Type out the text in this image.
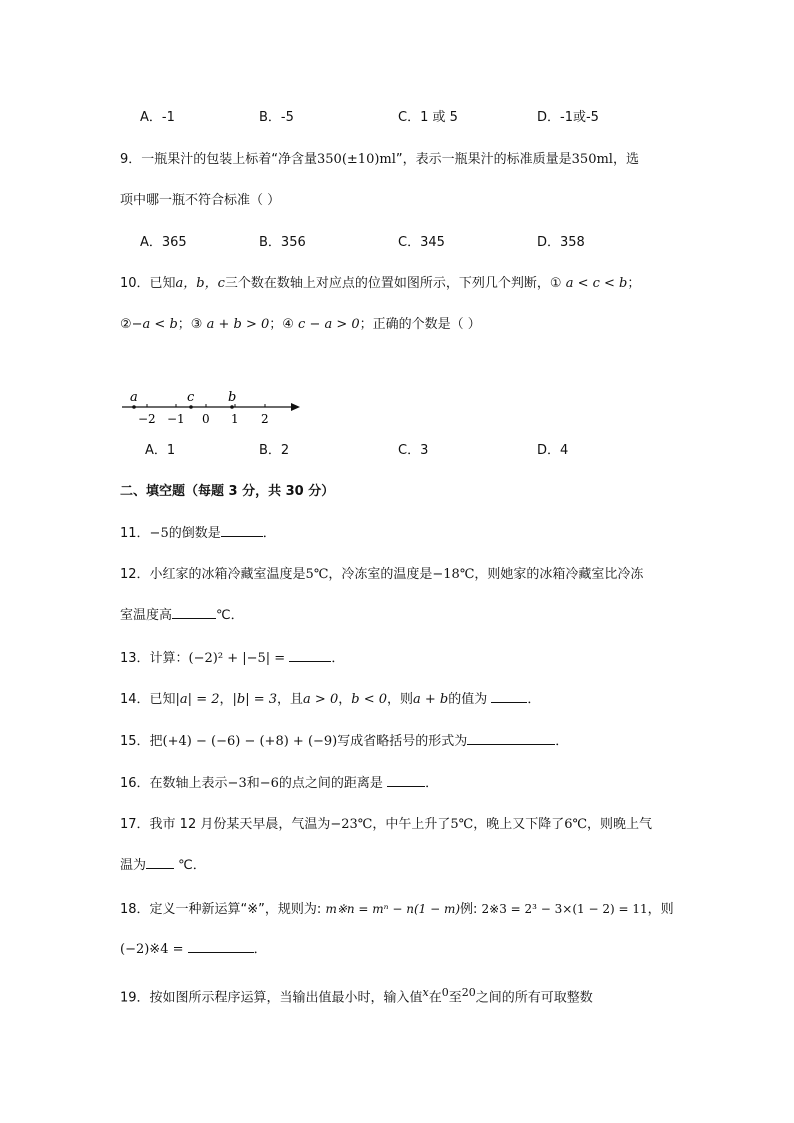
A．-1	B．-5	C．1 或 5	D．-1或-5
9．一瓶果汁的包装上标着“净含量350(±10)ml”，表示一瓶果汁的标准质量是350ml，选
项中哪一瓶不符合标准（ ）
A．365	B．356	C．345	D．358
10．已知a，b，c三个数在数轴上对应点的位置如图所示，下列几个判断，① a < c < b；
②−a < b；③ a + b > 0；④ c − a > 0；正确的个数是（ ）
a	c	b
−2 −1 0 1 2
A．1	B．2	C．3	D．4
二、填空题（每题 3 分，共 30 分）
11．−5的倒数是	．
12．小红家的冰箱冷藏室温度是5℃，冷冻室的温度是−18℃，则她家的冰箱冷藏室比冷冻
室温度高	℃．
13．计算：(−2)² + |−5| =	．
14．已知|a| = 2，|b| = 3，且a > 0，b < 0，则a + b的值为	．
15．把(+4) − (−6) − (+8) + (−9)写成省略括号的形式为	．
16．在数轴上表示−3和−6的点之间的距离是	．
17．我市 12 月份某天早晨，气温为−23℃，中午上升了5℃，晚上又下降了6℃，则晚上气
温为 ℃．
18．定义一种新运算“※”，规则为: m※n = mⁿ − n(1 − m)例: 2※3 = 2³ − 3×(1 − 2) = 11，则
(−2)※4 =	．
19．按如图所示程序运算，当输出值最小时，输入值$^x$在$^0$至$^{20}$之间的所有可取整数
